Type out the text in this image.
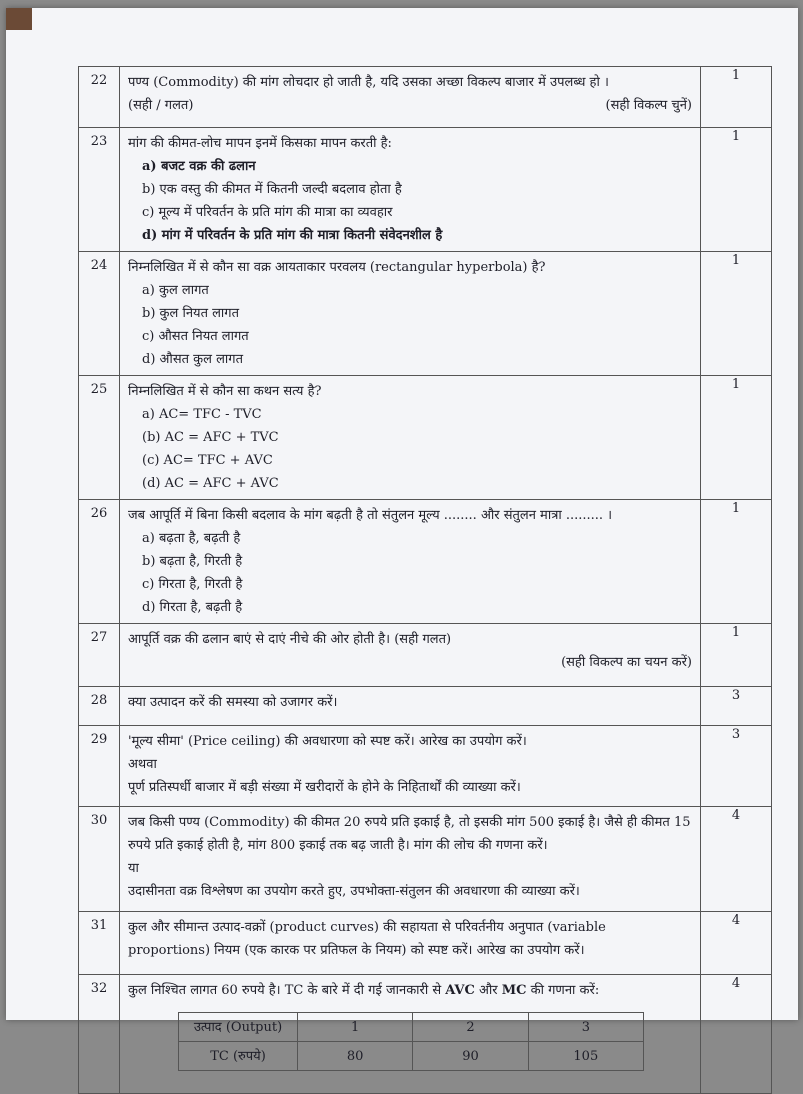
22	पण्य (Commodity) की मांग लोचदार हो जाती है, यदि उसका अच्छा विकल्प बाजार में उपलब्ध हो ।
(सही / गलत)	(सही विकल्प चुनें)
	1
23	मांग की कीमत-लोच मापन इनमें किसका मापन करती है:
a) बजट वक्र की ढलान
b) एक वस्तु की कीमत में कितनी जल्दी बदलाव होता है
c) मूल्य में परिवर्तन के प्रति मांग की मात्रा का व्यवहार
d) मांग में परिवर्तन के प्रति मांग की मात्रा कितनी संवेदनशील है
	1
24	निम्नलिखित में से कौन सा वक्र आयताकार परवलय (rectangular hyperbola) है?
a) कुल लागत
b) कुल नियत लागत
c) औसत नियत लागत
d) औसत कुल लागत
	1
25	निम्नलिखित में से कौन सा कथन सत्य है?
a) AC= TFC - TVC
(b) AC = AFC + TVC
(c) AC= TFC + AVC
(d) AC = AFC + AVC
	1
26	जब आपूर्ति में बिना किसी बदलाव के मांग बढ़ती है तो संतुलन मूल्य ........ और संतुलन मात्रा ......... ।
a) बढ़ता है, बढ़ती है
b) बढ़ता है, गिरती है
c) गिरता है, गिरती है
d) गिरता है, बढ़ती है
	1
27	आपूर्ति वक्र की ढलान बाएं से दाएं नीचे की ओर होती है। (सही गलत)
(सही विकल्प का चयन करें)
	1
28	क्या उत्पादन करें की समस्या को उजागर करें।	3
29	'मूल्य सीमा' (Price ceiling) की अवधारणा को स्पष्ट करें। आरेख का उपयोग करें।
अथवा
पूर्ण प्रतिस्पर्धी बाजार में बड़ी संख्या में खरीदारों के होने के निहितार्थों की व्याख्या करें।
	3
30	जब किसी पण्य (Commodity) की कीमत 20 रुपये प्रति इकाई है, तो इसकी मांग 500 इकाई है। जैसे ही कीमत 15 रुपये प्रति इकाई होती है, मांग 800 इकाई तक बढ़ जाती है। मांग की लोच की गणना करें।
या
उदासीनता वक्र विश्लेषण का उपयोग करते हुए, उपभोक्ता-संतुलन की अवधारणा की व्याख्या करें।
	4
31	कुल और सीमान्त उत्पाद-वक्रों (product curves) की सहायता से परिवर्तनीय अनुपात (variable proportions) नियम (एक कारक पर प्रतिफल के नियम) को स्पष्ट करें। आरेख का उपयोग करें।
	4
32	कुल निश्चित लागत 60 रुपये है। TC के बारे में दी गई जानकारी से AVC और MC की गणना करें:
उत्पाद (Output)	1	2	3
TC (रुपये)	80	90	105
	4
